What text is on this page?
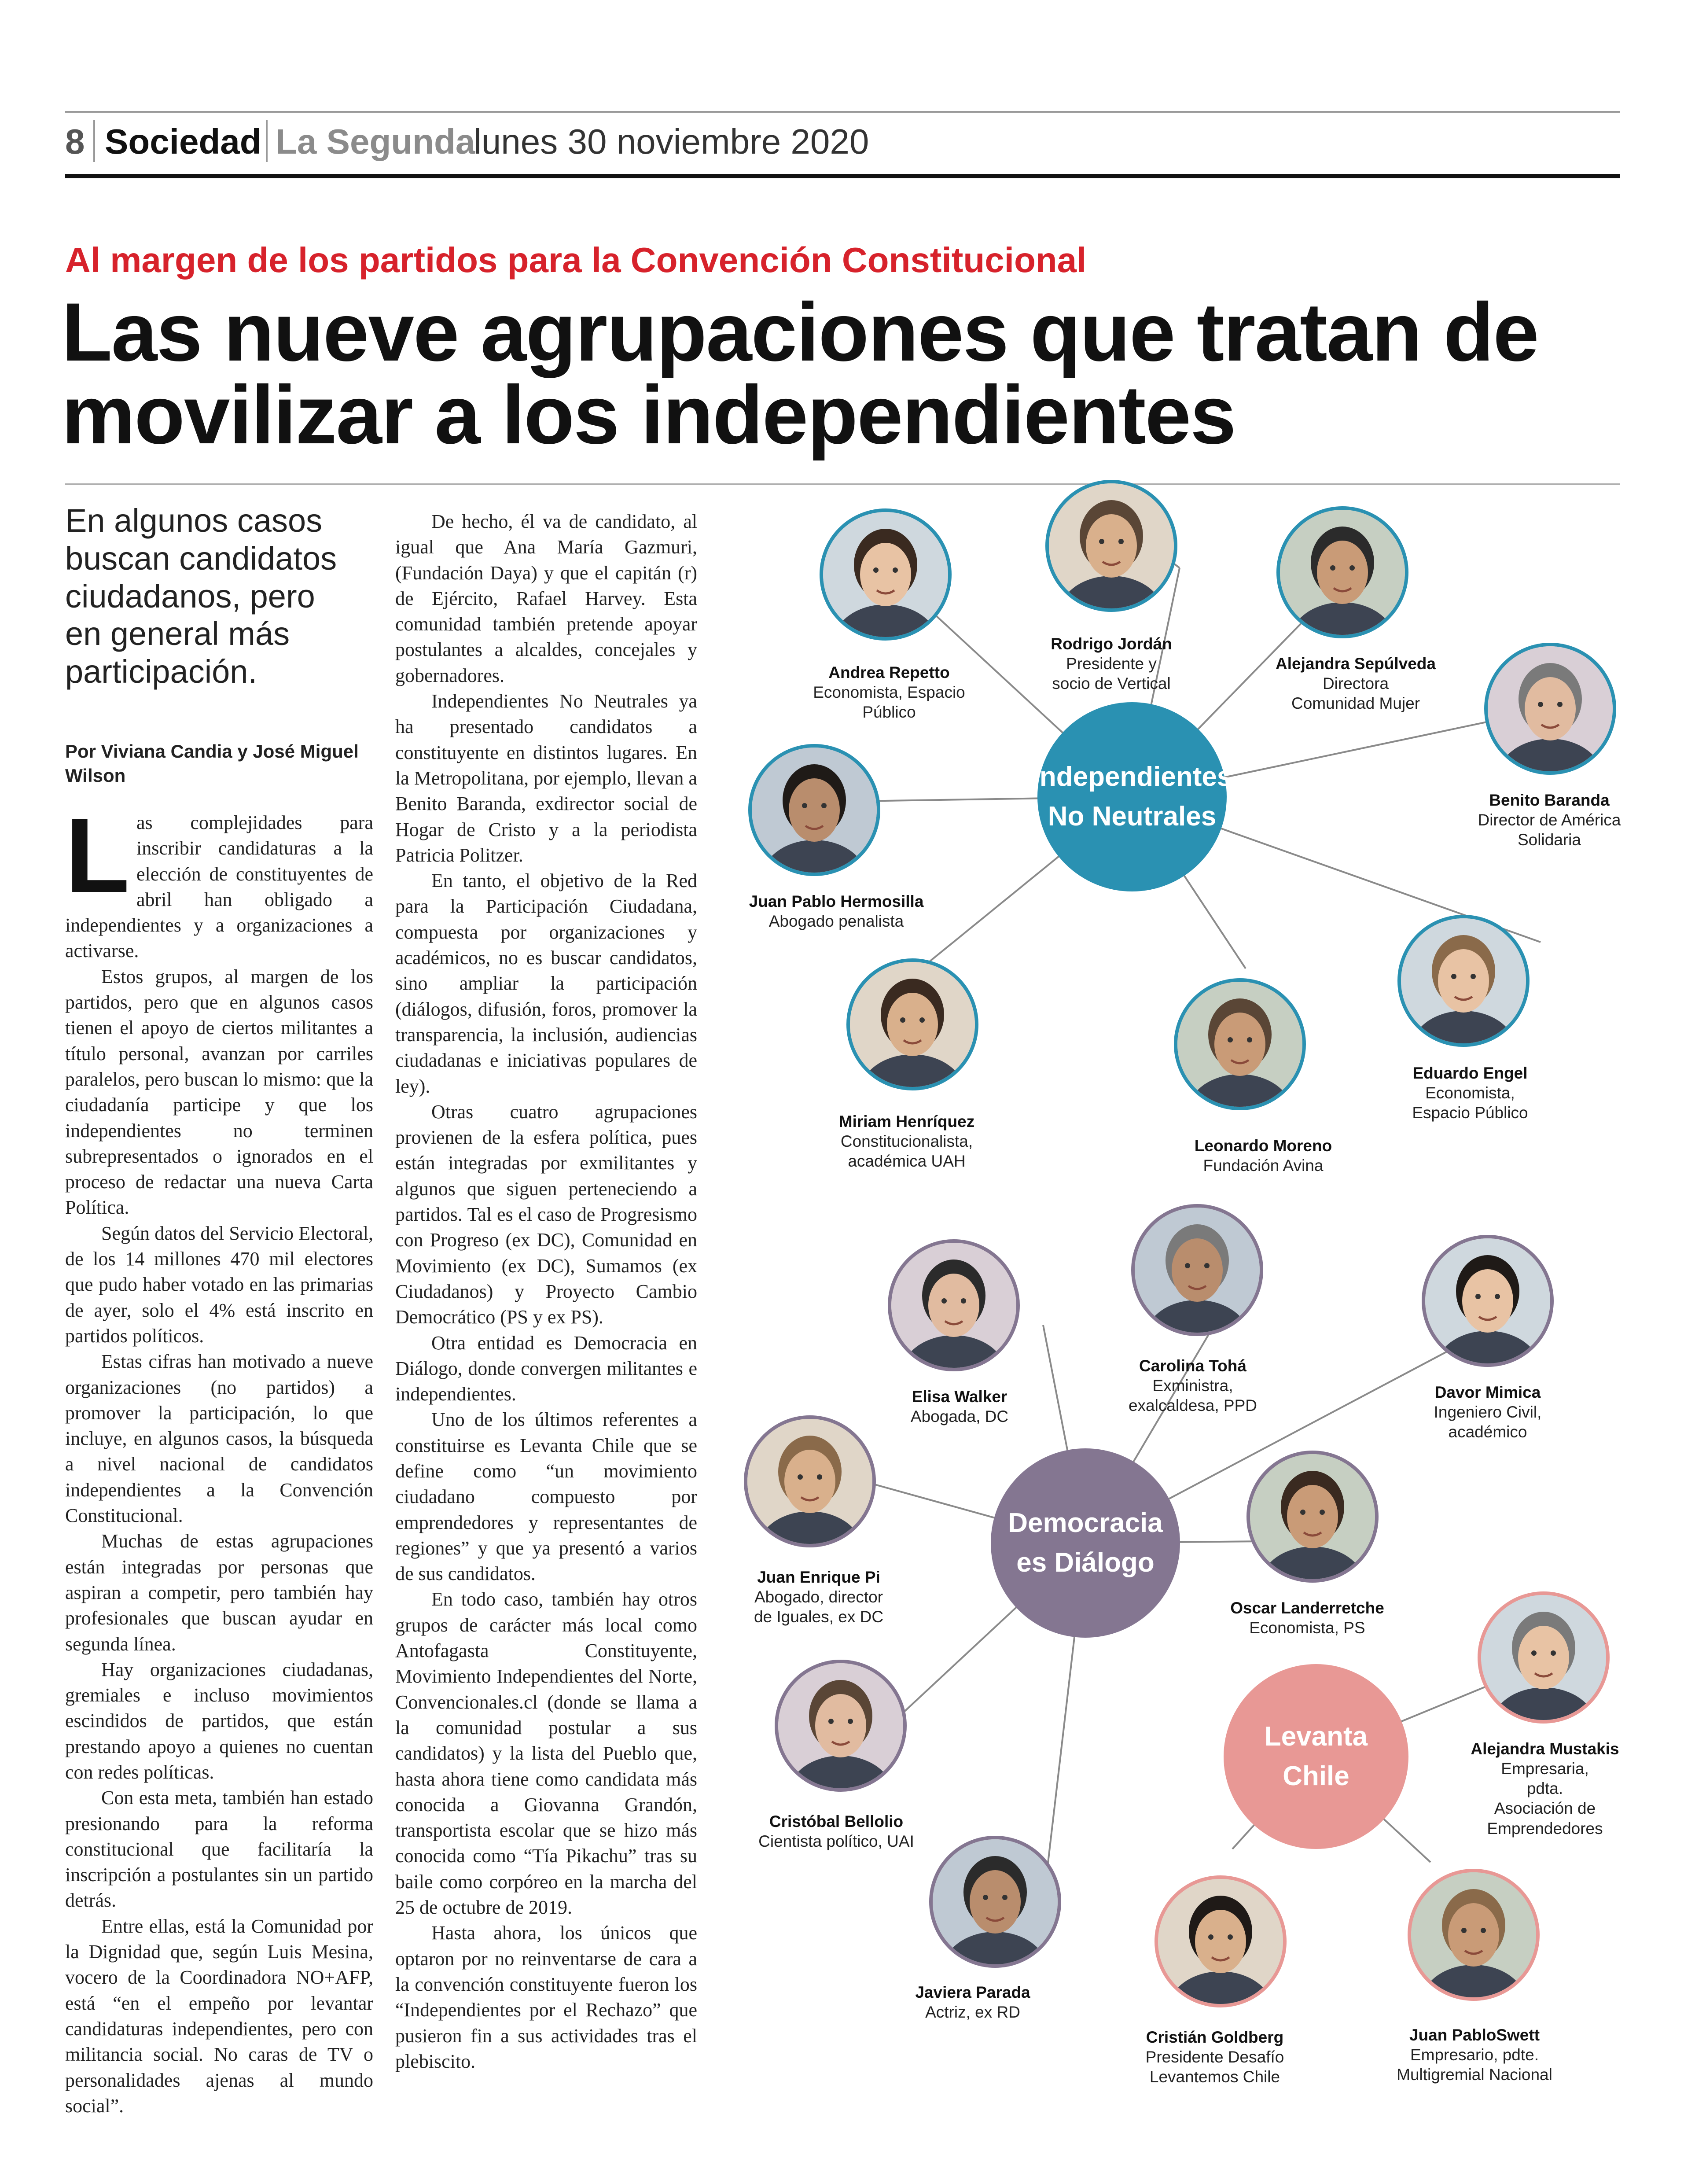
8 Sociedad La Segunda
lunes 30 noviembre 2020
Al margen de los partidos para la Convención Constitucional
Las nueve agrupaciones que tratan de movilizar a los independientes
En algunos casos buscan candidatos ciudadanos, pero en general más participación.
Por Viviana Candia y José Miguel Wilson
L as complejidades para inscribir candidaturas a la elección de constituyentes de abril han obligado a independientes y a organizaciones a activarse.

Estos grupos, al margen de los partidos, pero que en algunos casos tienen el apoyo de ciertos militantes a título personal, avanzan por carriles paralelos, pero buscan lo mismo: que la ciudadanía participe y que los independientes no terminen subrepresentados o ignorados en el proceso de redactar una nueva Carta Política.

Según datos del Servicio Electoral, de los 14 millones 470 mil electores que pudo haber votado en las primarias de ayer, solo el 4% está inscrito en partidos políticos.

Estas cifras han motivado a nueve organizaciones (no partidos) a promover la participación, lo que incluye, en algunos casos, la búsqueda a nivel nacional de candidatos independientes a la Convención Constitucional.

Muchas de estas agrupaciones están integradas por personas que aspiran a competir, pero también hay profesionales que buscan ayudar en segunda línea.

Hay organizaciones ciudadanas, gremiales e incluso movimientos escindidos de partidos, que están prestando apoyo a quienes no cuentan con redes políticas.

Con esta meta, también han estado presionando para la reforma constitucional que facilitaría la inscripción a postulantes sin un partido detrás.

Entre ellas, está la Comunidad por la Dignidad que, según Luis Mesina, vocero de la Coordinadora NO+AFP, está “en el empeño por levantar candidaturas independientes, pero con militancia social. No caras de TV o personalidades ajenas al mundo social”.

De hecho, él va de candidato, al igual que Ana María Gazmuri, (Fundación Daya) y que el capitán (r) de Ejército, Rafael Harvey. Esta comunidad también pretende apoyar postulantes a alcaldes, concejales y gobernadores.

Independientes No Neutrales ya ha presentado candidatos a constituyente en distintos lugares. En la Metropolitana, por ejemplo, llevan a Benito Baranda, exdirector social de Hogar de Cristo y a la periodista Patricia Politzer.

En tanto, el objetivo de la Red para la Participación Ciudadana, compuesta por organizaciones y académicos, no es buscar candidatos, sino ampliar la participación (diálogos, difusión, foros, promover la transparencia, la inclusión, audiencias ciudadanas e iniciativas populares de ley).

Otras cuatro agrupaciones provienen de la esfera política, pues están integradas por exmilitantes y algunos que siguen perteneciendo a partidos. Tal es el caso de Progresismo con Progreso (ex DC), Comunidad en Movimiento (ex DC), Sumamos (ex Ciudadanos) y Proyecto Cambio Democrático (PS y ex PS).

Otra entidad es Democracia en Diálogo, donde convergen militantes e independientes.

Uno de los últimos referentes a constituirse es Levanta Chile que se define como “un movimiento ciudadano compuesto por emprendedores y representantes de regiones” y que ya presentó a varios de sus candidatos.

En todo caso, también hay otros grupos de carácter más local como Antofagasta Constituyente, Movimiento Independientes del Norte, Convencionales.cl (donde se llama a la comunidad postular a sus candidatos) y la lista del Pueblo que, hasta ahora tiene como candidata más conocida a Giovanna Grandón, transportista escolar que se hizo más conocida como “Tía Pikachu” tras su baile como corpóreo en la marcha del 25 de octubre de 2019.

Hasta ahora, los únicos que optaron por no reinventarse de cara a la convención constituyente fueron los “Independientes por el Rechazo” que pusieron fin a sus actividades tras el plebiscito.

Independientes
No Neutrales
Democracia
es Diálogo
Levanta
Chile
Andrea Repetto
Economista, Espacio
Público
Rodrigo Jordán
Presidente y
socio de Vertical
Alejandra Sepúlveda
Directora
Comunidad Mujer
Benito Baranda
Director de América
Solidaria
Juan Pablo Hermosilla
Abogado penalista
Eduardo Engel
Economista,
Espacio Público
Miriam Henríquez
Constitucionalista,
académica UAH
Leonardo Moreno
Fundación Avina
Elisa Walker
Abogada, DC
Carolina Tohá
Exministra,
exalcaldesa, PPD
Davor Mimica
Ingeniero Civil,
académico
Juan Enrique Pi
Abogado, director
de Iguales, ex DC	Oscar Landerretche
Economista, PS
Cristóbal Bellolio
Cientista político, UAI
Javiera Parada
Actriz, ex RD
Alejandra Mustakis
Empresaria,
pdta.
Asociación de
Emprendedores
Cristián Goldberg
Presidente Desafío
Levantemos Chile
Juan PabloSwett
Empresario, pdte.
Multigremial Nacional
